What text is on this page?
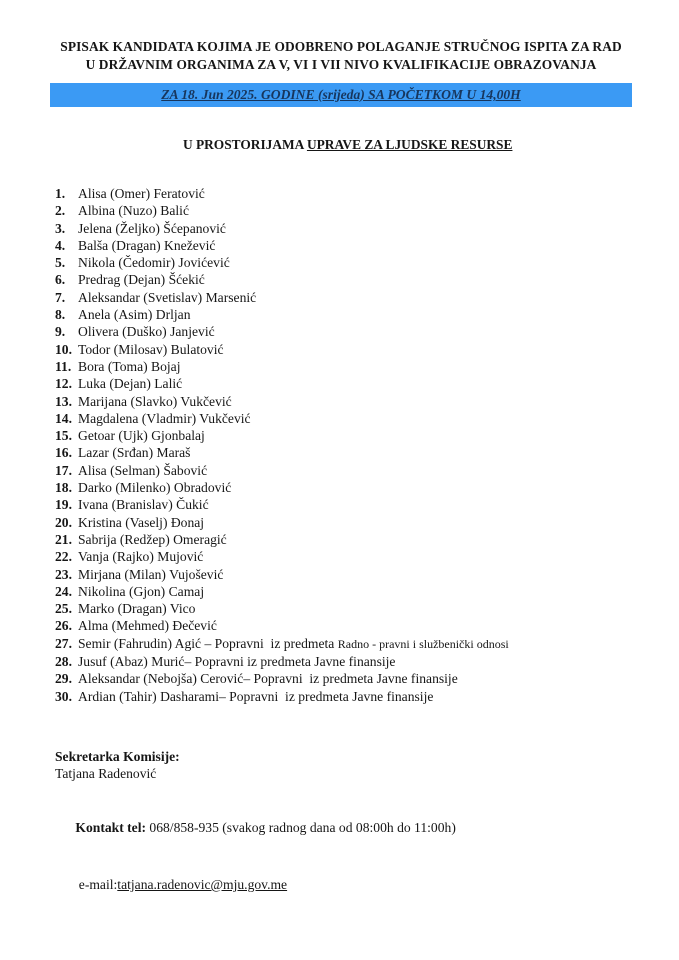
SPISAK KANDIDATA KOJIMA JE ODOBRENO POLAGANJE STRUČNOG ISPITA ZA RAD
U DRŽAVNIM ORGANIMA ZA V, VI I VII NIVO KVALIFIKACIJE OBRAZOVANJA
ZA 18. Jun 2025. GODINE (srijeda) SA POČETKOM U 14,00H

U PROSTORIJAMA UPRAVE ZA LJUDSKE RESURSE

1. Alisa (Omer) Feratović
2. Albina (Nuzo) Balić
3. Jelena (Željko) Šćepanović
4. Balša (Dragan) Knežević
5. Nikola (Čedomir) Jovićević
6. Predrag (Dejan) Šćekić
7. Aleksandar (Svetislav) Marsenić
8. Anela (Asim) Drljan
9. Olivera (Duško) Janjević
10. Todor (Milosav) Bulatović
11. Bora (Toma) Bojaj
12. Luka (Dejan) Lalić
13. Marijana (Slavko) Vukčević
14. Magdalena (Vladmir) Vukčević
15. Getoar (Ujk) Gjonbalaj
16. Lazar (Srđan) Maraš
17. Alisa (Selman) Šabović
18. Darko (Milenko) Obradović
19. Ivana (Branislav) Čukić
20. Kristina (Vaselj) Đonaj
21. Sabrija (Redžep) Omeragić
22. Vanja (Rajko) Mujović
23. Mirjana (Milan) Vujošević
24. Nikolina (Gjon) Camaj
25. Marko (Dragan) Vico
26. Alma (Mehmed) Đečević
27. Semir (Fahrudin) Agić – Popravni  iz predmeta Radno - pravni i službenički odnosi
28. Jusuf (Abaz) Murić– Popravni iz predmeta Javne finansije
29. Aleksandar (Nebojša) Cerović– Popravni  iz predmeta Javne finansije
30. Ardian (Tahir) Dasharami– Popravni  iz predmeta Javne finansije
Sekretarka Komisije:
Tatjana Radenović

Kontakt tel: 068/858-935 (svakog radnog dana od 08:00h do 11:00h)

e-mail:tatjana.radenovic@mju.gov.me
